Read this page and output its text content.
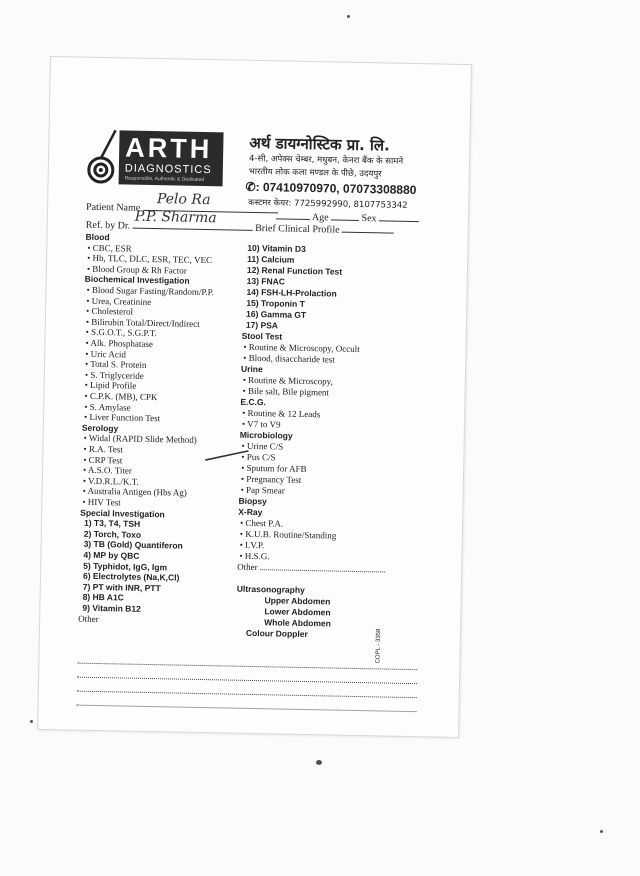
ARTH
DIAGNOSTICS
Responsible, Authentic & Dedicated
अर्थ डायग्नोस्टिक प्रा. लि.
4-सी, अपेक्स चेम्बर, मधुबन, केनरा बैंक के सामने
भारतीय लोक कला मण्डल के पीछे, उदयपुर
✆: 07410970970, 07073308880
कस्टमर केयर: 7725992990, 8107753342
Patient Name Pelo Ra
Ref. by Dr. P.P. Sharma
Brief Clinical Profile
Age	Sex
Blood
• CBC, ESR
• Hb, TLC, DLC, ESR, TEC, VEC
• Blood Group & Rh Factor
Biochemical Investigation
• Blood Sugar Fasting/Random/P.P.
• Urea, Creatinine
• Cholesterol
• Bilirubin Total/Direct/Indirect
• S.G.O.T., S.G.P.T.
• Alk. Phosphatase
• Uric Acid
• Total S. Protein
• S. Triglyceride
• Lipid Profile
• C.P.K. (MB), CPK
• S. Amylase
• Liver Function Test
Serology
• Widal (RAPID Slide Method)
• R.A. Test
• CRP Test
• A.S.O. Titer
• V.D.R.L./K.T.
• Australia Antigen (Hbs Ag)
• HIV Test
Special Investigation
1) T3, T4, TSH
2) Torch, Toxo
3) TB (Gold) Quantiferon
4) MP by QBC
5) Typhidot, IgG, Igm
6) Electrolytes (Na,K,Cl)
7) PT with INR, PTT
8) HB A1C
9) Vitamin B12
Other
10) Vitamin D3
11) Calcium
12) Renal Function Test
13) FNAC
14) FSH-LH-Prolaction
15) Troponin T
16) Gamma GT
17) PSA
Stool Test
• Routine & Microscopy, Occult
• Blood, disaccharide test
Urine
• Routine & Microscopy,
• Bile salt, Bile pigment
E.C.G.
• Routine & 12 Leads
• V7 to V9
Microbiology
• Urine C/S
• Pus C/S
• Sputum for AFB
• Pregnancy Test
• Pap Smear
Biopsy
X-Ray
• Chest P.A.
• K.U.B. Routine/Standing
• I.V.P.
• H.S.G.
Other
Ultrasonography
Upper Abdomen
Lower Abdomen
Whole Abdomen
Colour Doppler	COPL - 3358
